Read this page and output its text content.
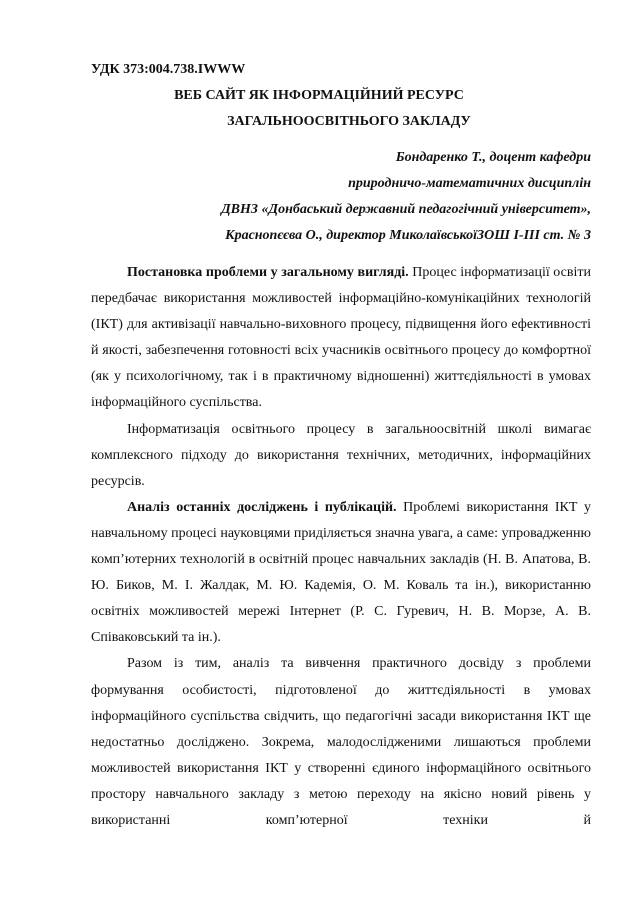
УДК 373:004.738.IWWW
ВЕБ САЙТ ЯК ІНФОРМАЦІЙНИЙ РЕСУРС
ЗАГАЛЬНООСВІТНЬОГО ЗАКЛАДУ
Бондаренко Т., доцент кафедри
природничо-математичних дисциплін
ДВНЗ «Донбаський державний педагогічний університет»,
Краснопєєва О., директор МиколаївськоїЗОШ І-ІІІ ст. № 3

Постановка проблеми у загальному вигляді. Процес інформатизації освіти передбачає використання можливостей інформаційно-комунікаційних технологій (ІКТ) для активізації навчально-виховного процесу, підвищення його ефективності й якості, забезпечення готовності всіх учасників освітнього процесу до комфортної (як у психологічному, так і в практичному відношенні) життєдіяльності в умовах інформаційного суспільства.

Інформатизація освітнього процесу в загальноосвітній школі вимагає комплексного підходу до використання технічних, методичних, інформаційних ресурсів.

Аналіз останніх досліджень і публікацій. Проблемі використання ІКТ у навчальному процесі науковцями приділяється значна увага, а саме: упровадженню комп’ютерних технологій в освітній процес навчальних закладів (Н. В. Апатова, В. Ю. Биков, М. І. Жалдак, М. Ю. Кадемія, О. М. Коваль та ін.), використанню освітніх можливостей мережі Інтернет (Р. С. Гуревич, Н. В. Морзе, А. В. Співаковський та ін.).

Разом із тим, аналіз та вивчення практичного досвіду з проблеми формування особистості, підготовленої до життєдіяльності в умовах інформаційного суспільства свідчить, що педагогічні засади використання ІКТ ще недостатньо досліджено. Зокрема, малодослідженими лишаються проблеми можливостей використання ІКТ у створенні єдиного інформаційного освітнього простору навчального закладу з метою переходу на якісно новий рівень у використанні комп’ютерної техніки й
